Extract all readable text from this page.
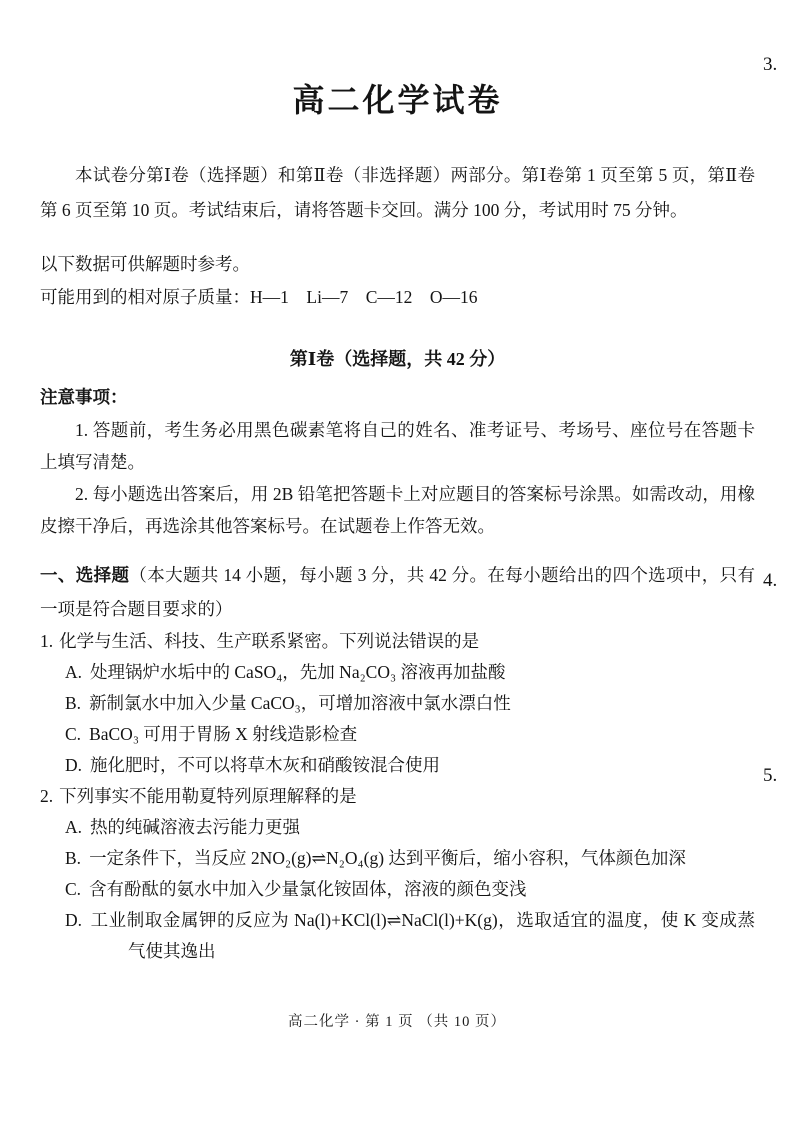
3.
4.
5.
高二化学试卷
本试卷分第Ⅰ卷（选择题）和第Ⅱ卷（非选择题）两部分。第Ⅰ卷第 1 页至第 5 页，第Ⅱ卷第 6 页至第 10 页。考试结束后，请将答题卡交回。满分 100 分，考试用时 75 分钟。
以下数据可供解题时参考。
可能用到的相对原子质量：H—1　Li—7　C—12　O—16
第Ⅰ卷（选择题，共 42 分）
注意事项：
1. 答题前，考生务必用黑色碳素笔将自己的姓名、准考证号、考场号、座位号在答题卡上填写清楚。
2. 每小题选出答案后，用 2B 铅笔把答题卡上对应题目的答案标号涂黑。如需改动，用橡皮擦干净后，再选涂其他答案标号。在试题卷上作答无效。
一、选择题（本大题共 14 小题，每小题 3 分，共 42 分。在每小题给出的四个选项中，只有一项是符合题目要求的）
1. 化学与生活、科技、生产联系紧密。下列说法错误的是
A. 处理锅炉水垢中的 CaSO₄，先加 Na₂CO₃ 溶液再加盐酸
B. 新制氯水中加入少量 CaCO₃，可增加溶液中氯水漂白性
C. BaCO₃ 可用于胃肠 X 射线造影检查
D. 施化肥时，不可以将草木灰和硝酸铵混合使用
2. 下列事实不能用勒夏特列原理解释的是
A. 热的纯碱溶液去污能力更强
B. 一定条件下，当反应 2NO₂(g)⇌N₂O₄(g) 达到平衡后，缩小容积，气体颜色加深
C. 含有酚酞的氨水中加入少量氯化铵固体，溶液的颜色变浅
D. 工业制取金属钾的反应为 Na(l)+KCl(l)⇌NaCl(l)+K(g)，选取适宜的温度，使 K 变成蒸气使其逸出
高二化学 · 第 1 页 （共 10 页）
